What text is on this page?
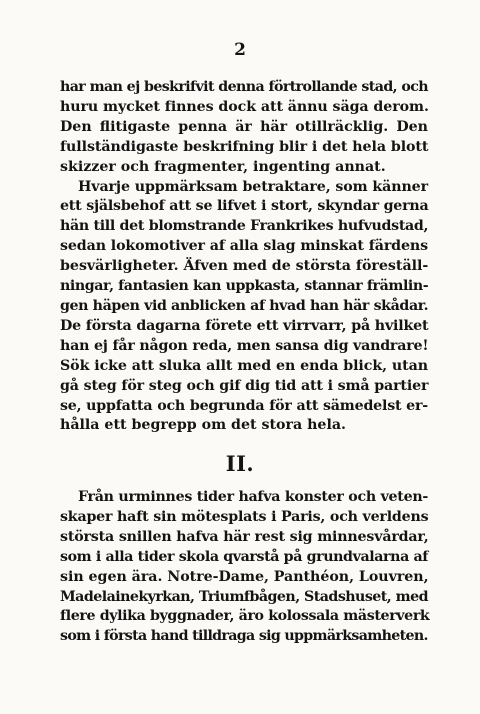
2
har man ej beskrifvit denna förtrollande stad, och
huru mycket finnes dock att ännu säga derom.
Den flitigaste penna är här otillräcklig. Den
fullständigaste beskrifning blir i det hela blott
skizzer och fragmenter, ingenting annat.
Hvarje uppmärksam betraktare, som känner
ett själsbehof att se lifvet i stort, skyndar gerna
hän till det blomstrande Frankrikes hufvudstad,
sedan lokomotiver af alla slag minskat färdens
besvärligheter. Äfven med de största föreställ-
ningar, fantasien kan uppkasta, stannar främlin-
gen häpen vid anblicken af hvad han här skådar.
De första dagarna förete ett virrvarr, på hvilket
han ej får någon reda, men sansa dig vandrare!
Sök icke att sluka allt med en enda blick, utan
gå steg för steg och gif dig tid att i små partier
se, uppfatta och begrunda för att sämedelst er-
hålla ett begrepp om det stora hela.
II.
Från urminnes tider hafva konster och veten-
skaper haft sin mötesplats i Paris, och verldens
största snillen hafva här rest sig minnesvårdar,
som i alla tider skola qvarstå på grundvalarna af
sin egen ära. Notre-Dame, Panthéon, Louvren,
Madelainekyrkan, Triumfbågen, Stadshuset, med
flere dylika byggnader, äro kolossala mästerverk
som i första hand tilldraga sig uppmärksamheten.
